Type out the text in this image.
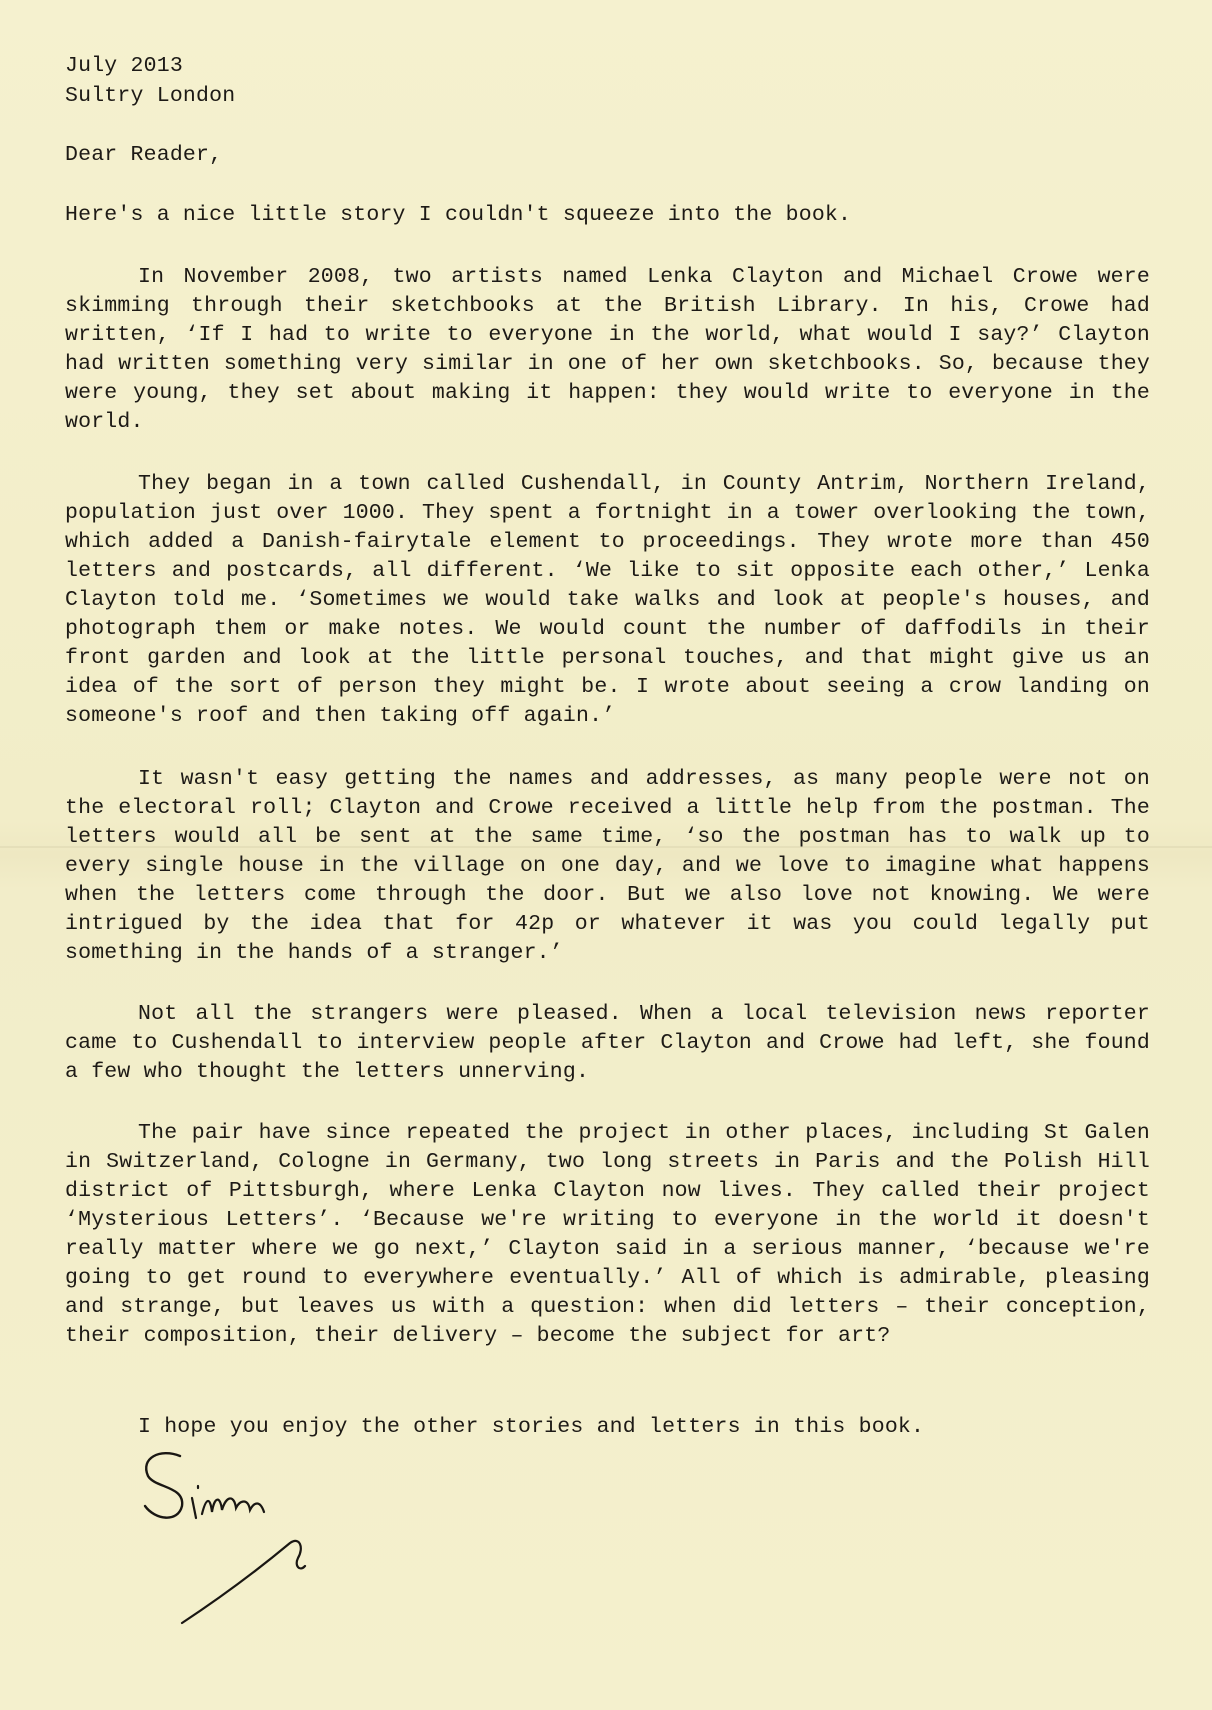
July 2013
Sultry London
Dear Reader,
Here's a nice little story I couldn't squeeze into the book.
In November 2008, two artists named Lenka Clayton and Michael Crowe were skimming through their sketchbooks at the British Library. In his, Crowe had written, ‘If I had to write to everyone in the world, what would I say?’ Clayton had written something very similar in one of her own sketchbooks. So, because they were young, they set about making it happen: they would write to everyone in the world.
They began in a town called Cushendall, in County Antrim, Northern Ireland, population just over 1000. They spent a fortnight in a tower overlooking the town, which added a Danish-fairytale element to proceedings. They wrote more than 450 letters and postcards, all different. ‘We like to sit opposite each other,’ Lenka Clayton told me. ‘Sometimes we would take walks and look at people's houses, and photograph them or make notes. We would count the number of daffodils in their front garden and look at the little personal touches, and that might give us an idea of the sort of person they might be. I wrote about seeing a crow landing on someone's roof and then taking off again.’
It wasn't easy getting the names and addresses, as many people were not on the electoral roll; Clayton and Crowe received a little help from the postman. The letters would all be sent at the same time, ‘so the postman has to walk up to every single house in the village on one day, and we love to imagine what happens when the letters come through the door. But we also love not knowing. We were intrigued by the idea that for 42p or whatever it was you could legally put something in the hands of a stranger.’
Not all the strangers were pleased. When a local television news reporter came to Cushendall to interview people after Clayton and Crowe had left, she found a few who thought the letters unnerving.
The pair have since repeated the project in other places, including St Galen in Switzerland, Cologne in Germany, two long streets in Paris and the Polish Hill district of Pittsburgh, where Lenka Clayton now lives. They called their project ‘Mysterious Letters’. ‘Because we're writing to everyone in the world it doesn't really matter where we go next,’ Clayton said in a serious manner, ‘because we're going to get round to everywhere eventually.’ All of which is admirable, pleasing and strange, but leaves us with a question: when did letters – their conception, their composition, their delivery – become the subject for art?
I hope you enjoy the other stories and letters in this book.
